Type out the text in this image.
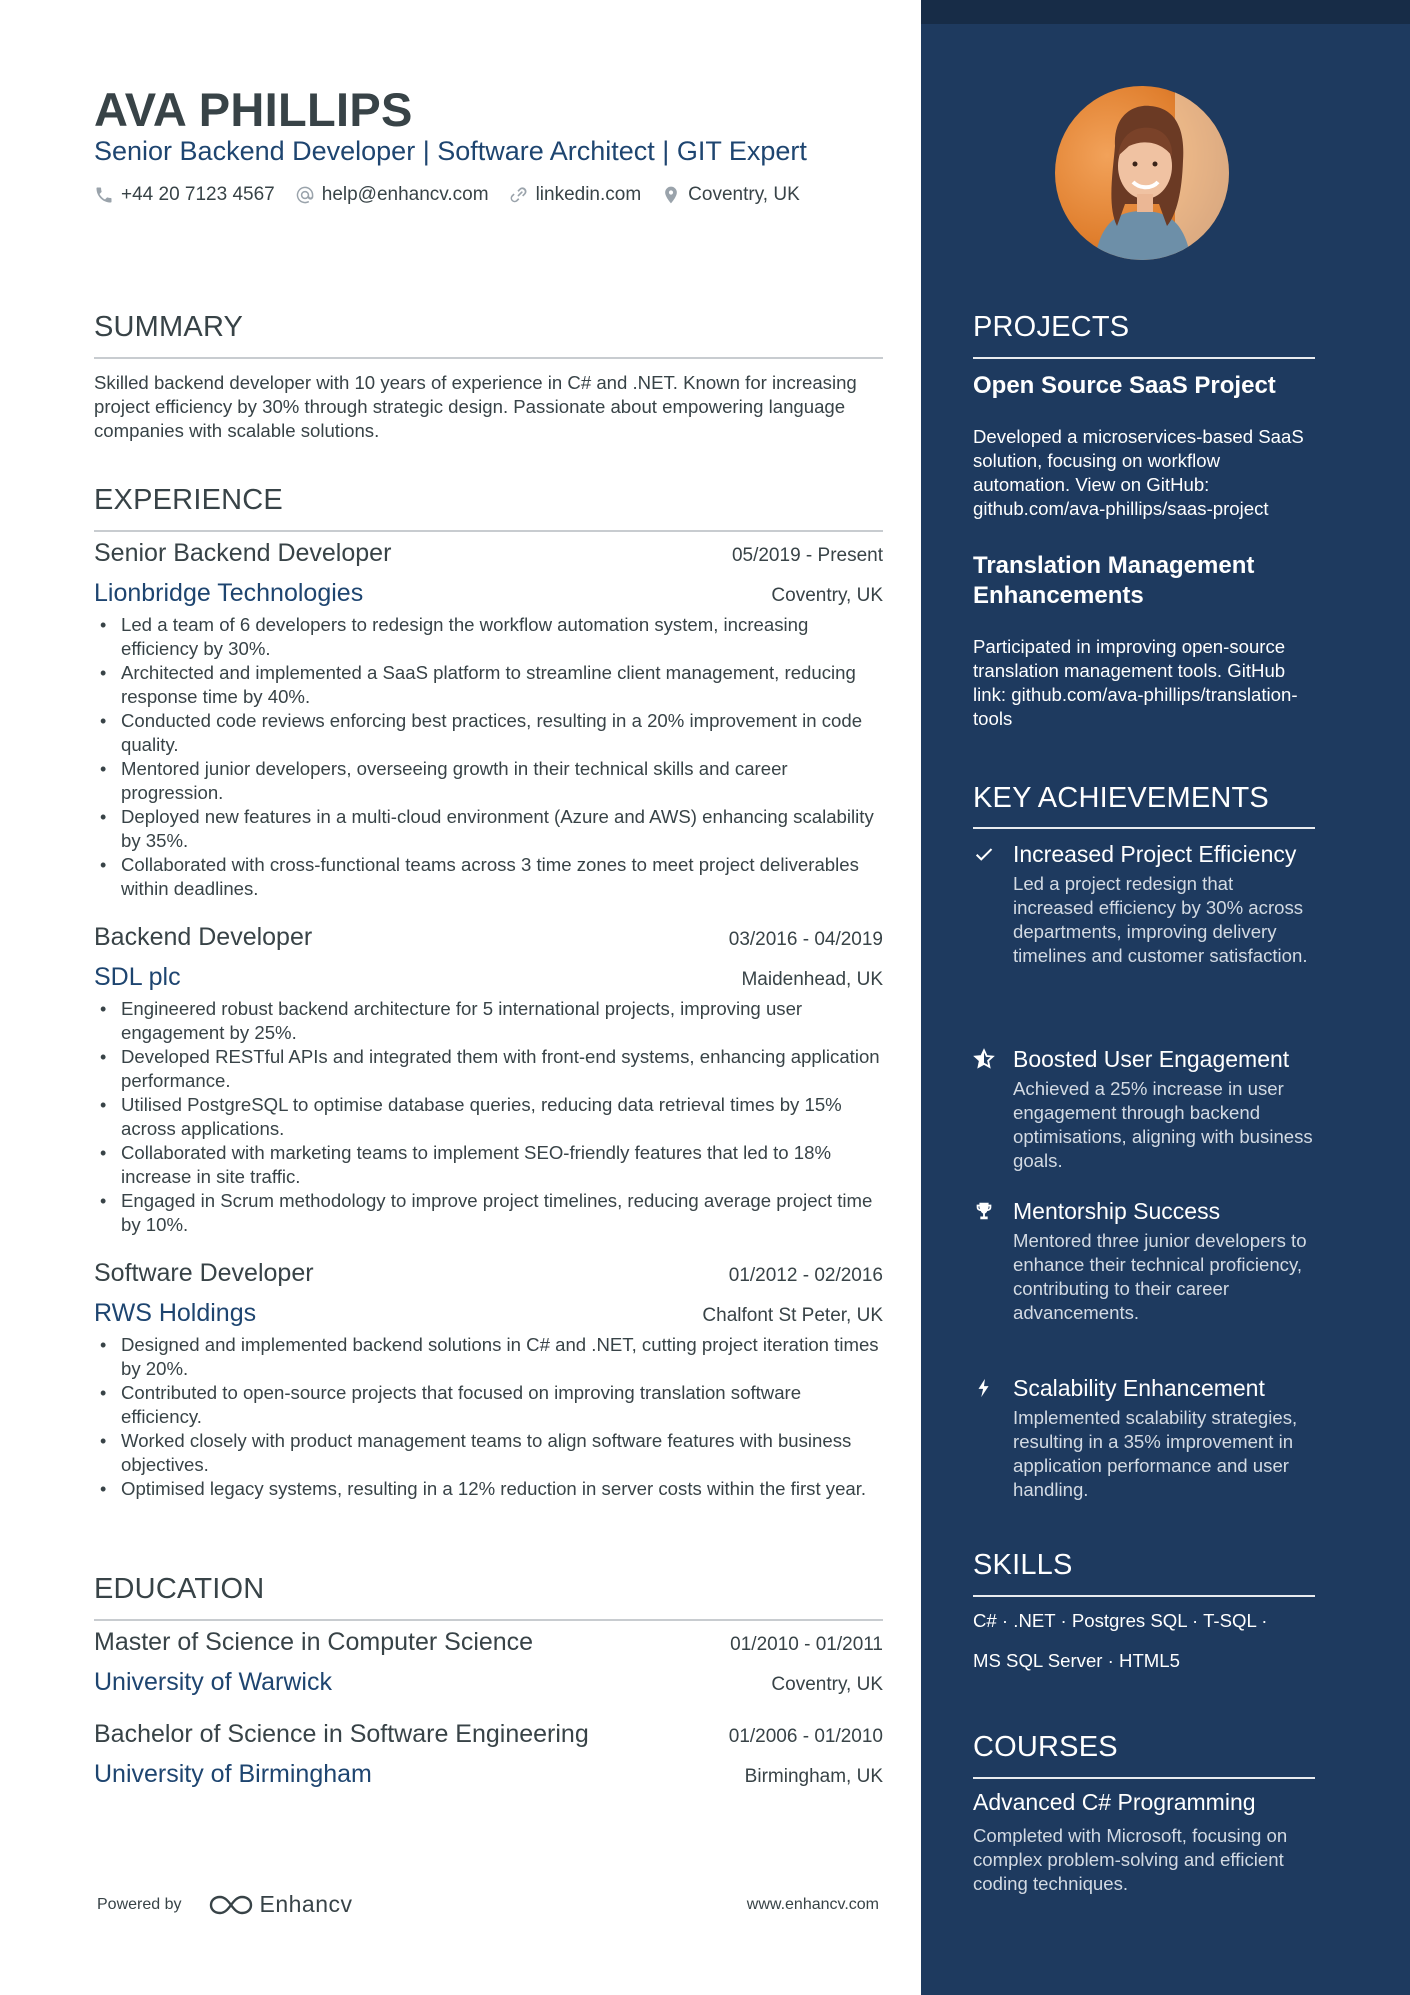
AVA PHILLIPS
Senior Backend Developer | Software Architect | GIT Expert
+44 20 7123 4567 help@enhancv.com linkedin.com Coventry, UK
SUMMARY
Skilled backend developer with 10 years of experience in C# and .NET. Known for increasing project efficiency by 30% through strategic design. Passionate about empowering language companies with scalable solutions.
EXPERIENCE
Senior Backend Developer	05/2019 - Present
Lionbridge Technologies	Coventry, UK
• Led a team of 6 developers to redesign the workflow automation system, increasing efficiency by 30%.
• Architected and implemented a SaaS platform to streamline client management, reducing response time by 40%.
• Conducted code reviews enforcing best practices, resulting in a 20% improvement in code quality.
• Mentored junior developers, overseeing growth in their technical skills and career progression.
• Deployed new features in a multi-cloud environment (Azure and AWS) enhancing scalability by 35%.
• Collaborated with cross-functional teams across 3 time zones to meet project deliverables within deadlines.
Backend Developer	03/2016 - 04/2019
SDL plc	Maidenhead, UK
• Engineered robust backend architecture for 5 international projects, improving user engagement by 25%.
• Developed RESTful APIs and integrated them with front-end systems, enhancing application performance.
• Utilised PostgreSQL to optimise database queries, reducing data retrieval times by 15% across applications.
• Collaborated with marketing teams to implement SEO-friendly features that led to 18% increase in site traffic.
• Engaged in Scrum methodology to improve project timelines, reducing average project time by 10%.
Software Developer	01/2012 - 02/2016
RWS Holdings	Chalfont St Peter, UK
• Designed and implemented backend solutions in C# and .NET, cutting project iteration times by 20%.
• Contributed to open-source projects that focused on improving translation software efficiency.
• Worked closely with product management teams to align software features with business objectives.
• Optimised legacy systems, resulting in a 12% reduction in server costs within the first year.
EDUCATION
Master of Science in Computer Science	01/2010 - 01/2011
University of Warwick	Coventry, UK
Bachelor of Science in Software Engineering	01/2006 - 01/2010
University of Birmingham	Birmingham, UK
Powered by	Enhancv	www.enhancv.com
PROJECTS
Open Source SaaS Project
Developed a microservices-based SaaS solution, focusing on workflow automation. View on GitHub: github.com/ava-phillips/saas-project
Translation Management Enhancements
Participated in improving open-source translation management tools. GitHub link: github.com/ava-phillips/translation-tools
KEY ACHIEVEMENTS
Increased Project Efficiency
Led a project redesign that increased efficiency by 30% across departments, improving delivery timelines and customer satisfaction.
Boosted User Engagement
Achieved a 25% increase in user engagement through backend optimisations, aligning with business goals.
Mentorship Success
Mentored three junior developers to enhance their technical proficiency, contributing to their career advancements.
Scalability Enhancement
Implemented scalability strategies, resulting in a 35% improvement in application performance and user handling.
SKILLS
C# · .NET · Postgres SQL · T-SQL ·
MS SQL Server · HTML5
COURSES
Advanced C# Programming
Completed with Microsoft, focusing on complex problem-solving and efficient coding techniques.
